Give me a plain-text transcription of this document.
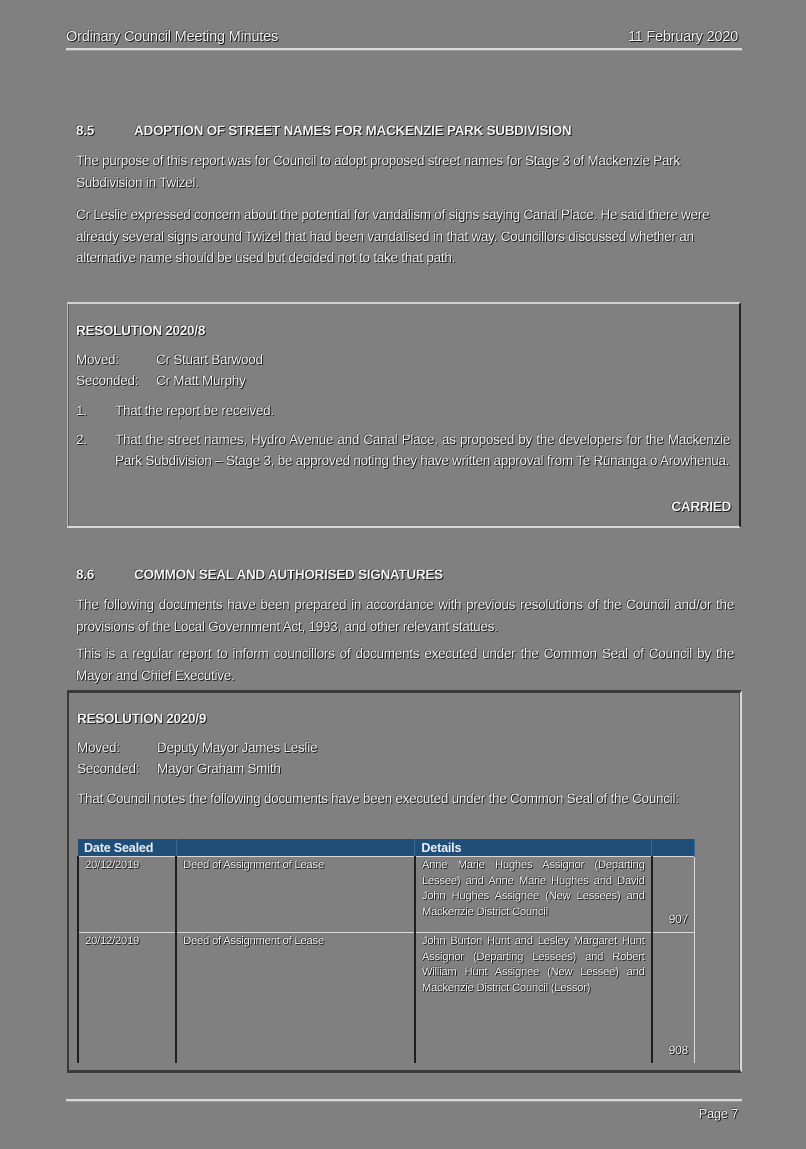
Ordinary Council Meeting Minutes	11 February 2020
8.5	ADOPTION OF STREET NAMES FOR MACKENZIE PARK SUBDIVISION
The purpose of this report was for Council to adopt proposed street names for Stage 3 of Mackenzie Park Subdivision in Twizel.
Cr Leslie expressed concern about the potential for vandalism of signs saying Canal Place. He said there were already several signs around Twizel that had been vandalised in that way. Councillors discussed whether an alternative name should be used but decided not to take that path.
RESOLUTION 2020/8
Moved:	Cr Stuart Barwood
Seconded: Cr Matt Murphy
1. That the report be received.
2. That the street names, Hydro Avenue and Canal Place, as proposed by the developers for the Mackenzie Park Subdivision – Stage 3, be approved noting they have written approval from Te Rūnanga o Arowhenua.
CARRIED
8.6	COMMON SEAL AND AUTHORISED SIGNATURES
The following documents have been prepared in accordance with previous resolutions of the Council and/or the provisions of the Local Government Act, 1993, and other relevant statues.
This is a regular report to inform councillors of documents executed under the Common Seal of Council by the Mayor and Chief Executive.
RESOLUTION 2020/9
Moved:	Deputy Mayor James Leslie
Seconded: Mayor Graham Smith
That Council notes the following documents have been executed under the Common Seal of the Council:
Date Sealed		Details	
20/12/2019	Deed of Assignment of Lease	Anne Marie Hughes Assignor (Departing Lessee) and Anne Marie Hughes and David John Hughes Assignee (New Lessees) and Mackenzie District Council	907
20/12/2019	Deed of Assignment of Lease	John Burton Hunt and Lesley Margaret Hunt Assignor (Departing Lessees) and Robert William Hunt Assignee (New Lessee) and Mackenzie District Council (Lessor)	908
Page 7
